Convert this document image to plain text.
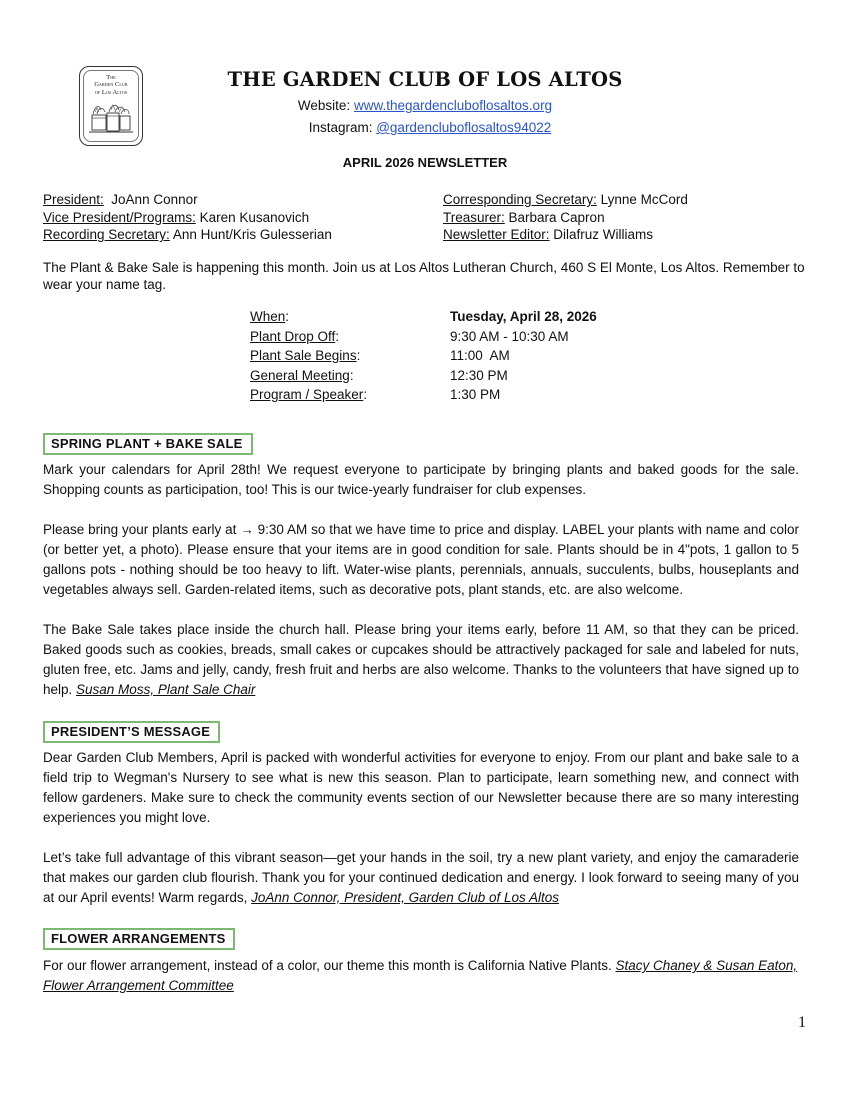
The
Garden Club
of Los Altos
THE GARDEN CLUB OF LOS ALTOS
Website: www.thegardencluboflosaltos.org
Instagram: @gardencluboflosaltos94022
APRIL 2026 NEWSLETTER
President:  JoAnn Connor
Vice President/Programs: Karen Kusanovich
Recording Secretary: Ann Hunt/Kris Gulesserian
Corresponding Secretary: Lynne McCord
Treasurer: Barbara Capron
Newsletter Editor: Dilafruz Williams
The Plant & Bake Sale is happening this month. Join us at Los Altos Lutheran Church, 460 S El Monte, Los Altos. Remember to wear your name tag.
When:	Tuesday, April 28, 2026
Plant Drop Off:	9:30 AM - 10:30 AM
Plant Sale Begins:	11:00  AM
General Meeting:	12:30 PM
Program / Speaker:	1:30 PM
SPRING PLANT + BAKE SALE
Mark your calendars for April 28th! We request everyone to participate by bringing plants and baked goods for the sale. Shopping counts as participation, too! This is our twice-yearly fundraiser for club expenses.
Please bring your plants early at → 9:30 AM so that we have time to price and display. LABEL your plants with name and color (or better yet, a photo). Please ensure that your items are in good condition for sale. Plants should be in 4"pots, 1 gallon to 5 gallons pots - nothing should be too heavy to lift. Water-wise plants, perennials, annuals, succulents, bulbs, houseplants and vegetables always sell. Garden-related items, such as decorative pots, plant stands, etc. are also welcome.
The Bake Sale takes place inside the church hall. Please bring your items early, before 11 AM, so that they can be priced. Baked goods such as cookies, breads, small cakes or cupcakes should be attractively packaged for sale and labeled for nuts, gluten free, etc. Jams and jelly, candy, fresh fruit and herbs are also welcome. Thanks to the volunteers that have signed up to help. Susan Moss, Plant Sale Chair
PRESIDENT’S MESSAGE
Dear Garden Club Members, April is packed with wonderful activities for everyone to enjoy. From our plant and bake sale to a field trip to Wegman's Nursery to see what is new this season. Plan to participate, learn something new, and connect with fellow gardeners. Make sure to check the community events section of our Newsletter because there are so many interesting experiences you might love.
Let’s take full advantage of this vibrant season—get your hands in the soil, try a new plant variety, and enjoy the camaraderie that makes our garden club flourish. Thank you for your continued dedication and energy. I look forward to seeing many of you at our April events! Warm regards, JoAnn Connor, President, Garden Club of Los Altos
FLOWER ARRANGEMENTS
For our flower arrangement, instead of a color, our theme this month is California Native Plants. Stacy Chaney & Susan Eaton, Flower Arrangement Committee
1
